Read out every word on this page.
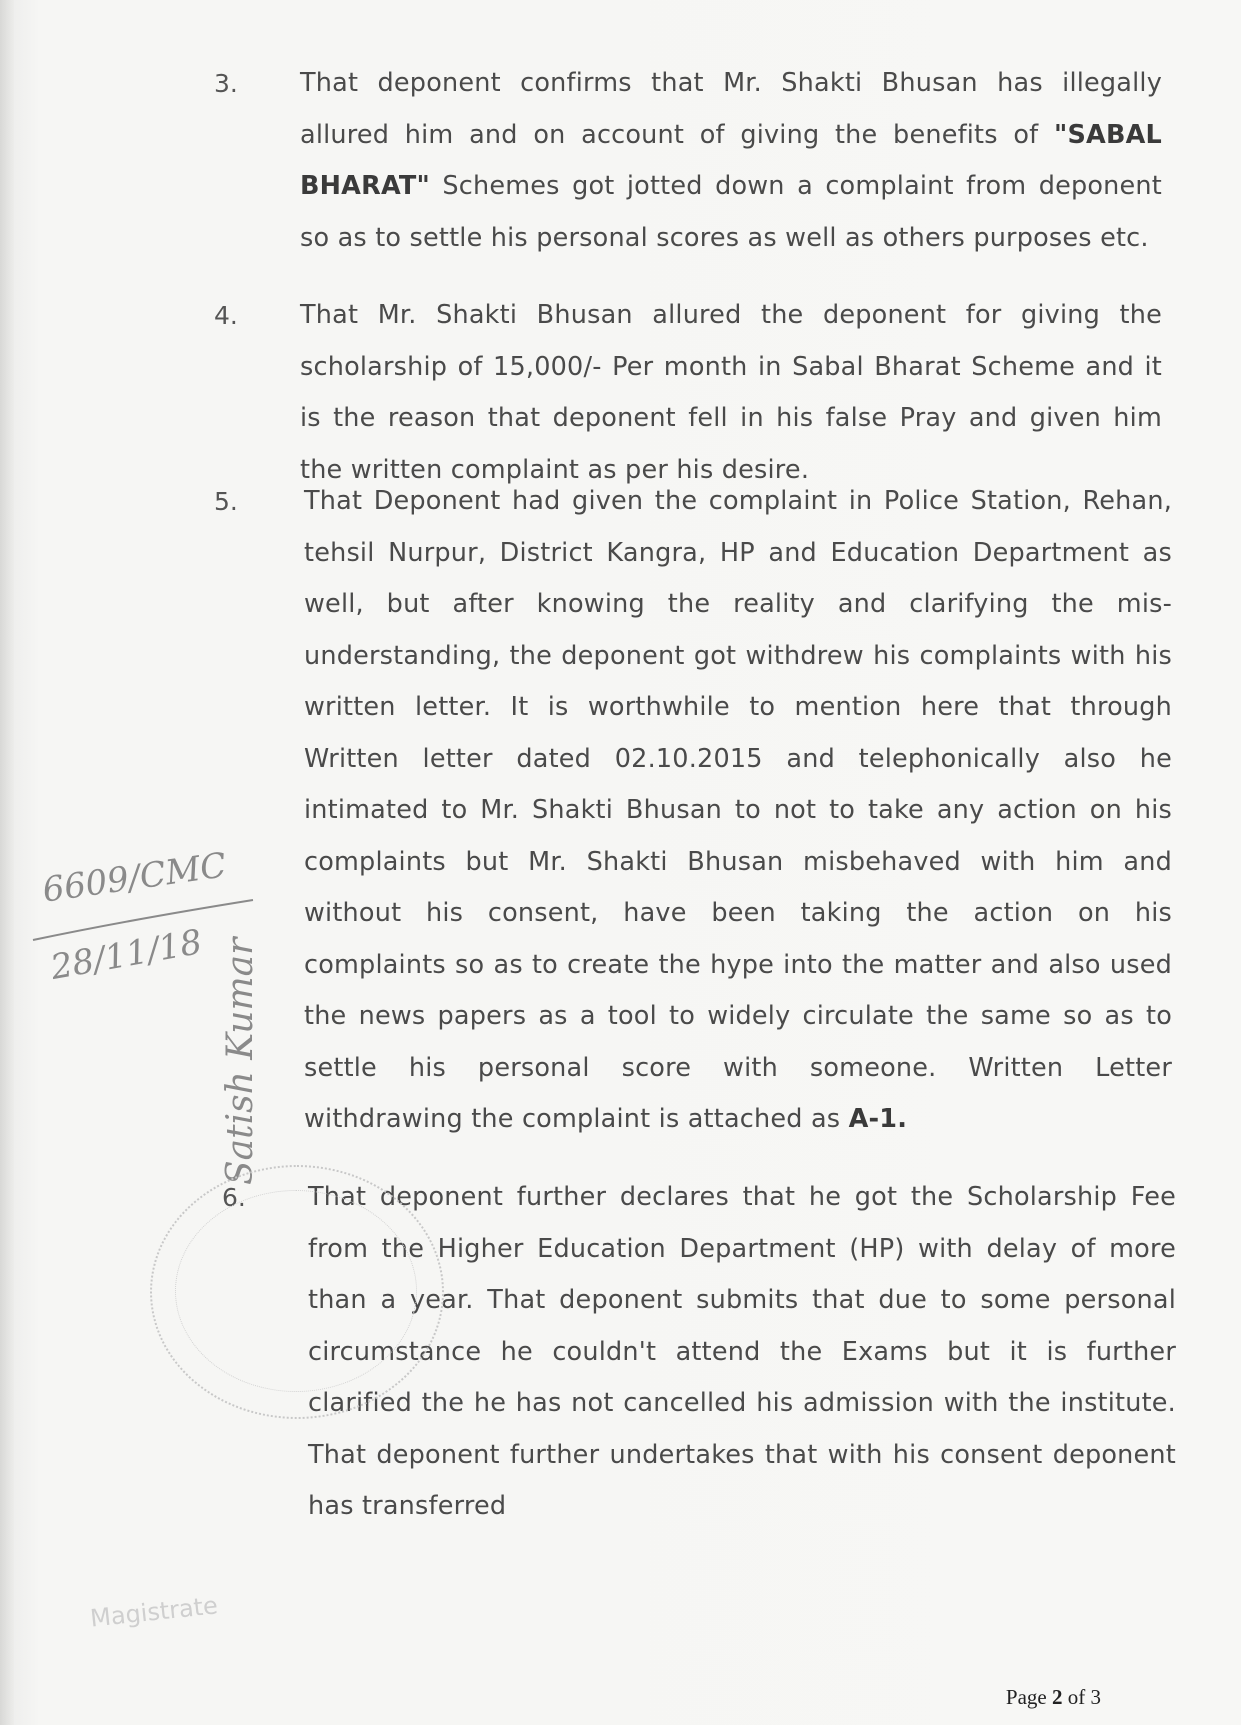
3.	That deponent confirms that Mr. Shakti Bhusan has illegally allured him and on account of giving the benefits of "SABAL BHARAT" Schemes got jotted down a complaint from deponent so as to settle his personal scores as well as others purposes etc.
4.	That Mr. Shakti Bhusan allured the deponent for giving the scholarship of 15,000/- Per month in Sabal Bharat Scheme and it is the reason that deponent fell in his false Pray and given him the written complaint as per his desire.
5.	That Deponent had given the complaint in Police Station, Rehan, tehsil Nurpur, District Kangra, HP and Education Department as well, but after knowing the reality and clarifying the mis-understanding, the deponent got withdrew his complaints with his written letter. It is worthwhile to mention here that through Written letter dated 02.10.2015 and telephonically also he intimated to Mr. Shakti Bhusan to not to take any action on his complaints but Mr. Shakti Bhusan misbehaved with him and without his consent, have been taking the action on his complaints so as to create the hype into the matter and also used the news papers as a tool to widely circulate the same so as to settle his personal score with someone. Written Letter withdrawing the complaint is attached as A-1.
6.	That deponent further declares that he got the Scholarship Fee from the Higher Education Department (HP) with delay of more than a year. That deponent submits that due to some personal circumstance he couldn't attend the Exams but it is further clarified the he has not cancelled his admission with the institute. That deponent further undertakes that with his consent deponent has transferred
6609/CMC
28/11/18 Satish Kumar
Magistrate
Page 2 of 3
